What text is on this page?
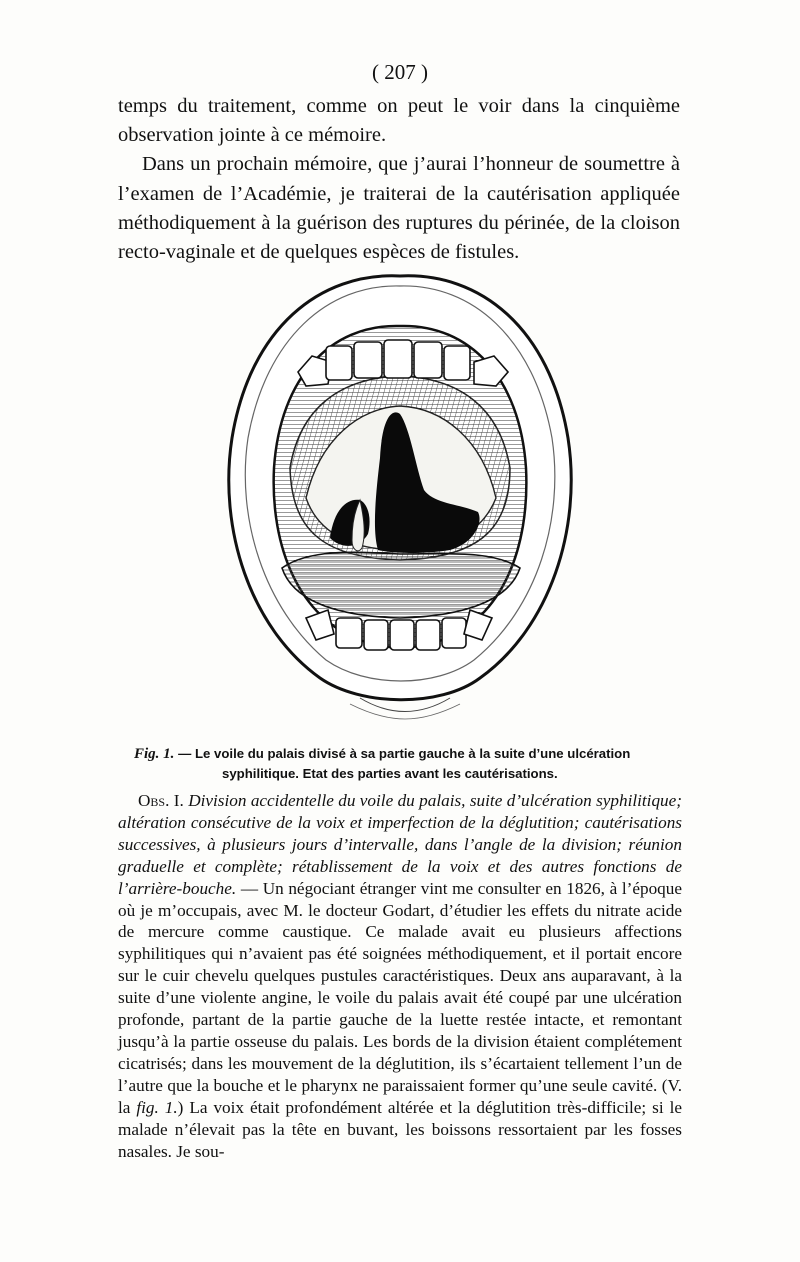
( 207 )

temps du traitement, comme on peut le voir dans la cinquième observation jointe à ce mémoire.

Dans un prochain mémoire, que j’aurai l’honneur de soumettre à l’examen de l’Académie, je traiterai de la cautérisation appliquée méthodiquement à la guérison des ruptures du périnée, de la cloison recto-vaginale et de quelques espèces de fistules.

Fig. 1. — Le voile du palais divisé à sa partie gauche à la suite d’une ulcération
syphilitique. Etat des parties avant les cautérisations.

Obs. I. Division accidentelle du voile du palais, suite d’ulcération syphilitique; altération consécutive de la voix et imperfection de la déglutition; cautérisations successives, à plusieurs jours d’intervalle, dans l’angle de la division; réunion graduelle et complète; rétablissement de la voix et des autres fonctions de l’arrière-bouche. — Un négociant étranger vint me consulter en 1826, à l’époque où je m’occupais, avec M. le docteur Godart, d’étudier les effets du nitrate acide de mercure comme caustique. Ce malade avait eu plusieurs affections syphilitiques qui n’avaient pas été soignées méthodiquement, et il portait encore sur le cuir chevelu quelques pustules caractéristiques. Deux ans auparavant, à la suite d’une violente angine, le voile du palais avait été coupé par une ulcération profonde, partant de la partie gauche de la luette restée intacte, et remontant jusqu’à la partie osseuse du palais. Les bords de la division étaient complétement cicatrisés; dans les mouvement de la déglutition, ils s’écartaient tellement l’un de l’autre que la bouche et le pharynx ne paraissaient former qu’une seule cavité. (V. la fig. 1.) La voix était profondément altérée et la déglutition très-difficile; si le malade n’élevait pas la tête en buvant, les boissons ressortaient par les fosses nasales. Je sou-
